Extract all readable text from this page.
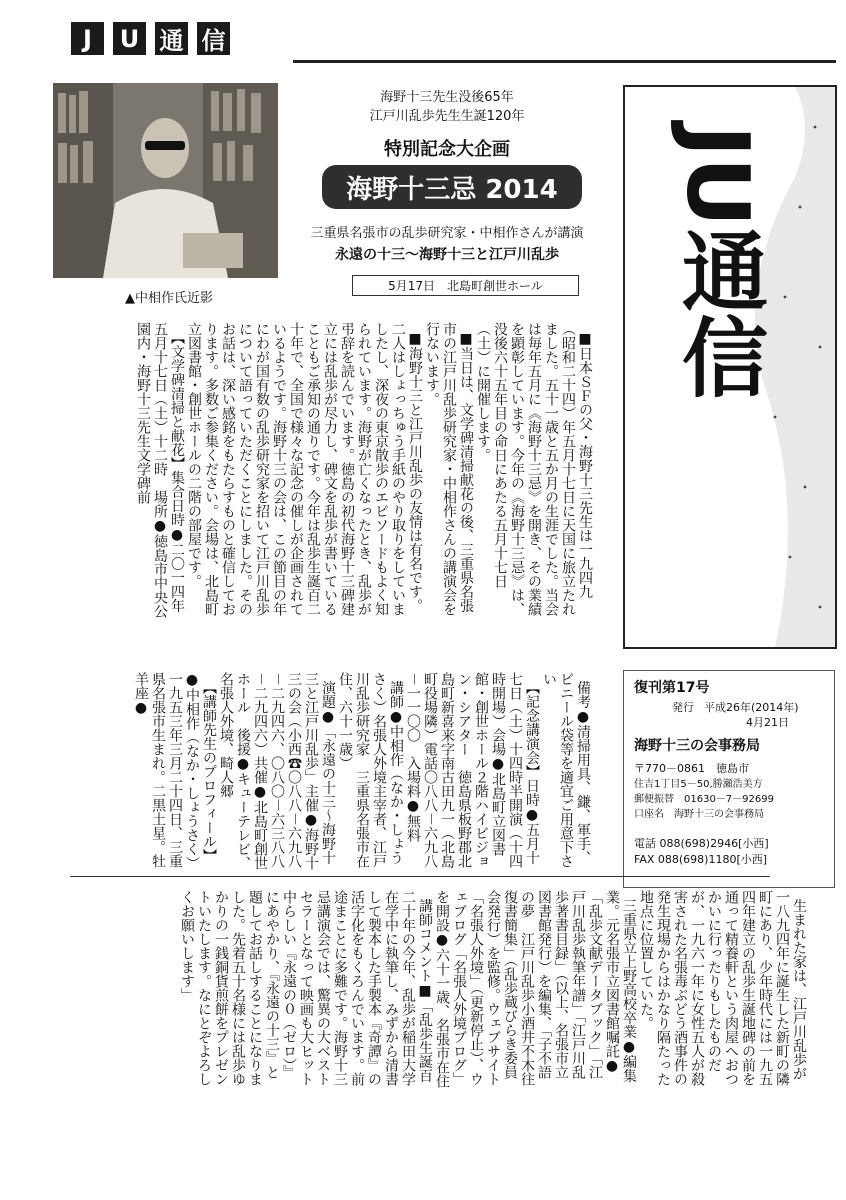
J	U 通 信
▲中相作氏近影
海野十三先生没後65年
江戸川乱歩先生生誕120年
特別記念大企画
海野十三忌 2014
三重県名張市の乱歩研究家・中相作さんが講演
永遠の十三〜海野十三と江戸川乱歩
5月17日　北島町創世ホール

■日本ＳＦの父・海野十三先生は一九四九（昭和二十四）年五月十七日に天国に旅立たれました。五十一歳と五か月の生涯でした。当会は毎年五月に《海野十三忌》を開き、その業績を顕彰しています。今年の《海野十三忌》は、没後六十五年目の命日にあたる五月十七日（土）に開催します。
■当日は、文学碑清掃献花の後、三重県名張市の江戸川乱歩研究家・中相作さんの講演会を行ないます。
■海野十三と江戸川乱歩の友情は有名です。二人はしょっちゅう手紙のやり取りをしていましたし、深夜の東京散歩のエピソードもよく知られています。海野が亡くなったとき、乱歩が弔辞を読んでいます。徳島の初代海野十三碑建立には乱歩が尽力し、碑文を乱歩が書いていることもご承知の通りです。今年は乱歩生誕百二十年で、全国で様々な記念の催しが企画されているようです。海野十三の会は、この節目の年にわが国有数の乱歩研究家を招いて江戸川乱歩について語っていただくことにしました。そのお話は、深い感銘をもたらすものと確信しております。多数ご参集ください。会場は、北島町立図書館・創世ホールの二階の部屋です。
【文学碑清掃と献花】集合日時●二〇一四年五月十七日（土）十二時　場所●徳島市中央公園内・海野十三先生文学碑前

JU通信
復刊第17号
発行 平成26年(2014年)
4月21日
海野十三の会事務局
〒770－0861　徳島市
住吉1丁目5－50,勝瀬浩美方
郵便振替　01630－7－92699
口座名　海野十三の会事務局
電話 088(698)2946[小西]
FAX 088(698)1180[小西]

備考●清掃用具、鎌、軍手、ビニール袋等を適宜ご用意下さい
【記念講演会】日時●五月十七日（土）十四時半開演（十四時開場）会場●北島町立図書館・創世ホール２階ハイビジョン・シアター　徳島県板野郡北島町新喜来字南古田九一（北島町役場隣）電話〇八八－六九八－一一〇〇　入場料●無料
講師●中相作（なか・しょうさく）名張人外境主宰者、江戸川乱歩研究家　三重県名張市在住、六十一歳）
演題●「永遠の十三〜海野十三と江戸川乱歩」主催●海野十三の会（小西☎〇八八－六九八－二九四六、〇八〇－六三八八－二九四六）共催●北島町創世ホール　後援●キューテレビ、名張人外境、畸人郷
【講師先生のプロフィール】●中相作（なか・しょうさく）一九五三年三月二十四日、三重県名張市生まれ。二黒土星。牡羊座●

生まれた家は、江戸川乱歩が一八九四年に誕生した新町の隣町にあり、少年時代には一九五四年建立の乱歩生誕地碑の前を通って精養軒という肉屋へおつかいに行ったりもしたものだが、一九六一年に女性五人が殺害された名張毒ぶどう酒事件の発生現場からはかなり隔たった地点に位置していた。
三重県立上野高校卒業●編集業。元名張市立図書館嘱託●「乱歩文献データブック」「江戸川乱歩執筆年譜」「江戸川乱歩著書目録」（以上、名張市立図書館発行）を編集、「子不語の夢　江戸川乱歩小酒井不木往復書簡集」（乱歩蔵びらき委員会発行）を監修。ウェブサイト「名張人外境」（更新停止）、ウェブログ「名張人外境ブログ」を開設●六十一歳、名張市在住
講師コメント■「乱歩生誕百二十年の今年、乱歩が稲田大学在学中に執筆し、みずから清書して製本した手製本『奇譚』の活字化をもくろんでいます。前途まことに多難です。海野十三忌講演会では、驚異の大ベストセラーとなって映画も大ヒット中らしい『永遠の０（ゼロ）』にあやかり、『永遠の十三』と題してお話しすることになりました。先着五十名様には乱歩ゆかりの一銭銅貨煎餅をプレゼントいたします。なにとぞよろしくお願いします」
